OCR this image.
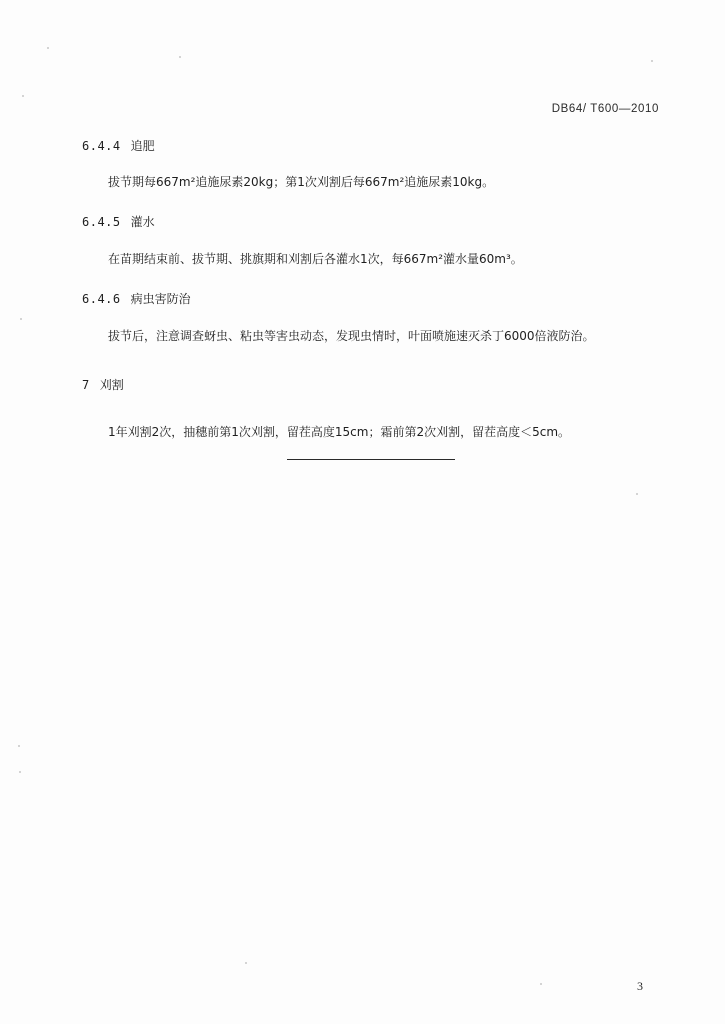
DB64/ T600—2010
6.4.4 追肥
拔节期每667m²追施尿素20kg；第1次刈割后每667m²追施尿素10kg。
6.4.5 灌水
在苗期结束前、拔节期、挑旗期和刈割后各灌水1次，每667m²灌水量60m³。
6.4.6 病虫害防治
拔节后，注意调查蚜虫、粘虫等害虫动态，发现虫情时，叶面喷施速灭杀丁6000倍液防治。
7 刈割
1年刈割2次，抽穗前第1次刈割，留茬高度15cm；霜前第2次刈割，留茬高度＜5cm。
3
